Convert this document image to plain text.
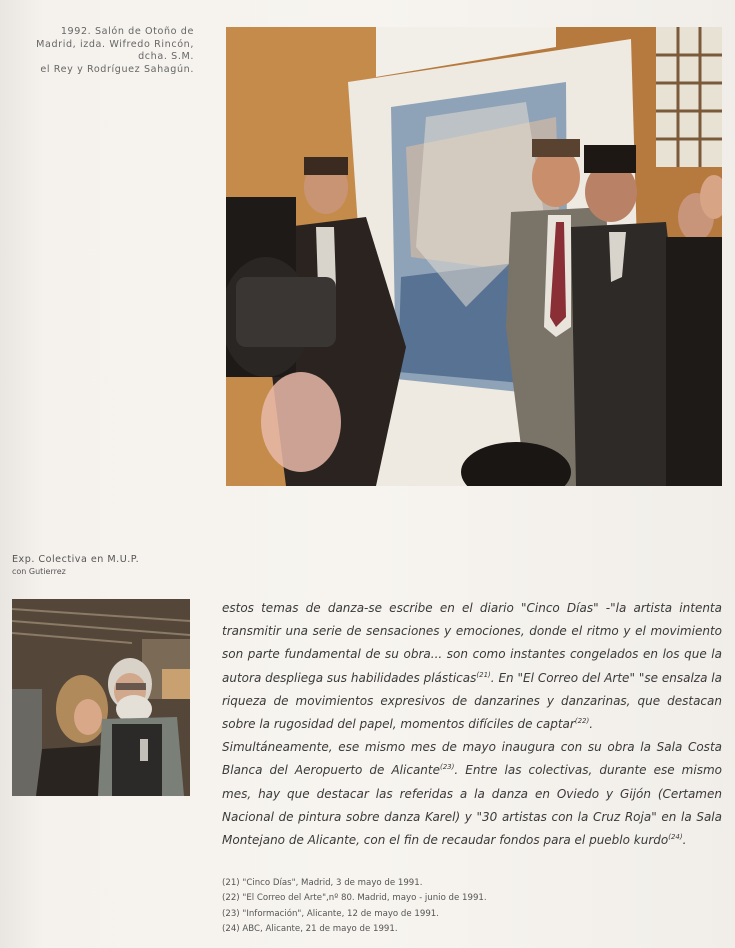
1992. Salón de Otoño de
Madrid, izda. Wifredo Rincón,
dcha. S.M.
el Rey y Rodríguez Sahagún.
Exp. Colectiva en M.U.P.
con Gutierrez

estos temas de danza-se escribe en el diario "Cinco Días" -"la artista intenta transmitir una serie de sensaciones y emociones, donde el ritmo y el movimiento son parte fundamental de su obra... son como instantes congelados en los que la autora despliega sus habilidades plásticas$^{(21)}$. En "El Correo del Arte" "se ensalza la riqueza de movimientos expresivos de danzarines y danzarinas, que destacan sobre la rugosidad del papel, momentos difíciles de captar$^{(22)}$.

Simultáneamente, ese mismo mes de mayo inaugura con su obra la Sala Costa Blanca del Aeropuerto de Alicante$^{(23)}$. Entre las colectivas, durante ese mismo mes, hay que destacar las referidas a la danza en Oviedo y Gijón (Certamen Nacional de pintura sobre danza Karel) y "30 artistas con la Cruz Roja" en la Sala Montejano de Alicante, con el fin de recaudar fondos para el pueblo kurdo$^{(24)}$.

(21) "Cinco Días", Madrid, 3 de mayo de 1991.
(22) "El Correo del Arte",nº 80. Madrid, mayo - junio de 1991.
(23) "Información", Alicante, 12 de mayo de 1991.
(24) ABC, Alicante, 21 de mayo de 1991.
